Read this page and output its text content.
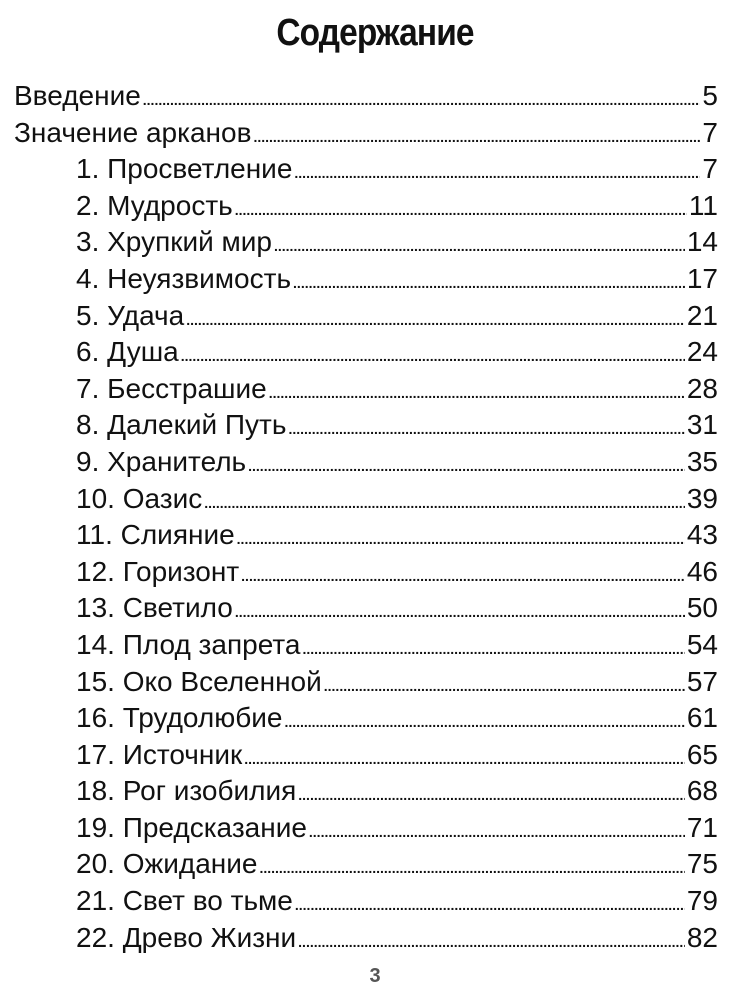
Содержание
Введение .....	5
Значение арканов .....	7
1. Просветление .....	7
2. Мудрость .....	11
3. Хрупкий мир .....	14
4. Неуязвимость .....	17
5. Удача .....	21
6. Душа .....	24
7. Бесстрашие .....	28
8. Далекий Путь .....	31
9. Хранитель .....	35
10. Оазис .....	39
11. Слияние .....	43
12. Горизонт .....	46
13. Светило .....	50
14. Плод запрета .....	54
15. Око Вселенной .....	57
16. Трудолюбие .....	61
17. Источник .....	65
18. Рог изобилия .....	68
19. Предсказание .....	71
20. Ожидание .....	75
21. Свет во тьме .....	79
22. Древо Жизни .....	82
3
